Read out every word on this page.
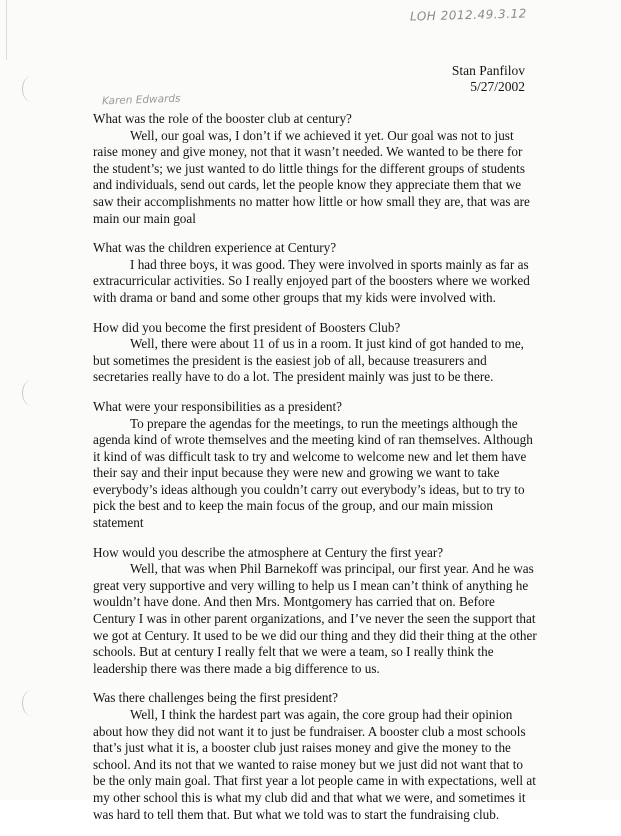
LOH 2012.49.3.12
Karen Edwards
Stan Panfilov
5/27/2002

What was the role of the booster club at century?

Well, our goal was, I don’t if we achieved it yet. Our goal was not to just raise money and give money, not that it wasn’t needed. We wanted to be there for the student’s; we just wanted to do little things for the different groups of students and individuals, send out cards, let the people know they appreciate them that we saw their accomplishments no matter how little or how small they are, that was are main our main goal

What was the children experience at Century?

I had three boys, it was good. They were involved in sports mainly as far as extracurricular activities. So I really enjoyed part of the boosters where we worked with drama or band and some other groups that my kids were involved with.

How did you become the first president of Boosters Club?

Well, there were about 11 of us in a room. It just kind of got handed to me, but sometimes the president is the easiest job of all, because treasurers and secretaries really have to do a lot. The president mainly was just to be there.

What were your responsibilities as a president?

To prepare the agendas for the meetings, to run the meetings although the agenda kind of wrote themselves and the meeting kind of ran themselves. Although it kind of was difficult task to try and welcome to welcome new and let them have their say and their input because they were new and growing we want to take everybody’s ideas although you couldn’t carry out everybody’s ideas, but to try to pick the best and to keep the main focus of the group, and our main mission statement

How would you describe the atmosphere at Century the first year?

Well, that was when Phil Barnekoff was principal, our first year. And he was great very supportive and very willing to help us I mean can’t think of anything he wouldn’t have done. And then Mrs. Montgomery has carried that on. Before Century I was in other parent organizations, and I’ve never the seen the support that we got at Century. It used to be we did our thing and they did their thing at the other schools. But at century I really felt that we were a team, so I really think the leadership there was there made a big difference to us.

Was there challenges being the first president?

Well, I think the hardest part was again, the core group had their opinion about how they did not want it to just be fundraiser. A booster club a most schools that’s just what it is, a booster club just raises money and give the money to the school. And its not that we wanted to raise money but we just did not want that to be the only main goal. That first year a lot people came in with expectations, well at my other school this is what my club did and that what we were, and sometimes it was hard to tell them that. But what we told was to start the fundraising club.
